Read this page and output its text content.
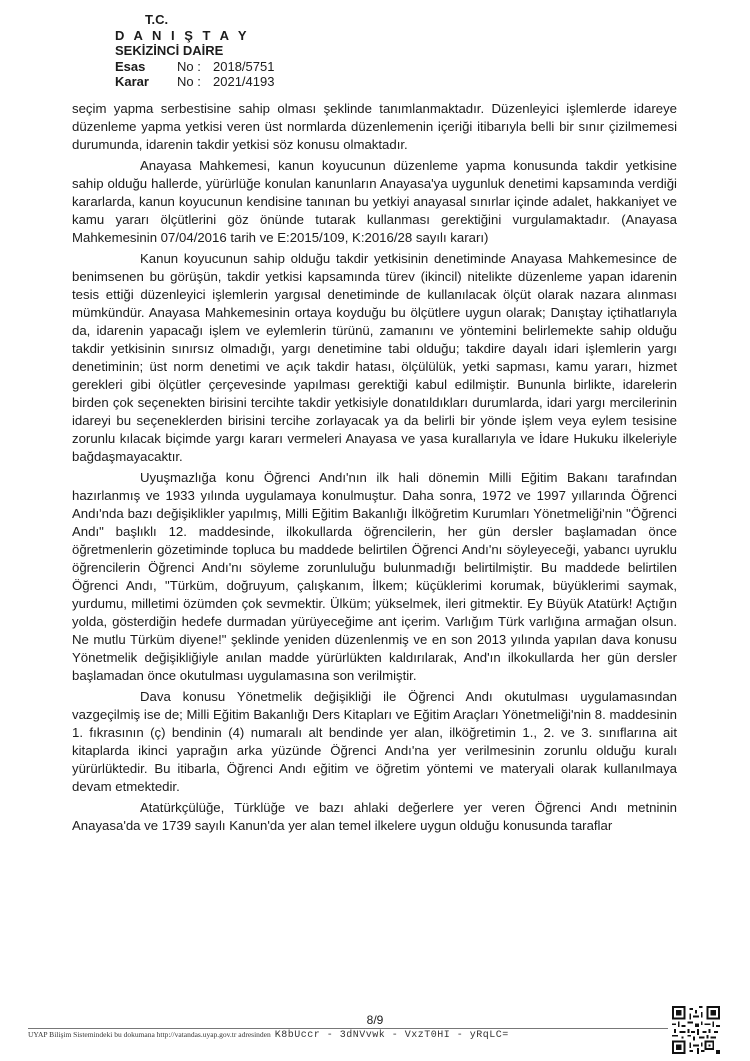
T.C.
D A N I Ş T A Y
SEKİZİNCİ DAİRE
Esas	No : 2018/5751
Karar	No : 2021/4193

seçim yapma serbestisine sahip olması şeklinde tanımlanmaktadır. Düzenleyici işlemlerde idareye düzenleme yapma yetkisi veren üst normlarda düzenlemenin içeriği itibarıyla belli bir sınır çizilmemesi durumunda, idarenin takdir yetkisi söz konusu olmaktadır.

Anayasa Mahkemesi, kanun koyucunun düzenleme yapma konusunda takdir yetkisine sahip olduğu hallerde, yürürlüğe konulan kanunların Anayasa'ya uygunluk denetimi kapsamında verdiği kararlarda, kanun koyucunun kendisine tanınan bu yetkiyi anayasal sınırlar içinde adalet, hakkaniyet ve kamu yararı ölçütlerini göz önünde tutarak kullanması gerektiğini vurgulamaktadır. (Anayasa Mahkemesinin 07/04/2016 tarih ve E:2015/109, K:2016/28 sayılı kararı)

Kanun koyucunun sahip olduğu takdir yetkisinin denetiminde Anayasa Mahkemesince de benimsenen bu görüşün, takdir yetkisi kapsamında türev (ikincil) nitelikte düzenleme yapan idarenin tesis ettiği düzenleyici işlemlerin yargısal denetiminde de kullanılacak ölçüt olarak nazara alınması mümkündür. Anayasa Mahkemesinin ortaya koyduğu bu ölçütlere uygun olarak; Danıştay içtihatlarıyla da, idarenin yapacağı işlem ve eylemlerin türünü, zamanını ve yöntemini belirlemekte sahip olduğu takdir yetkisinin sınırsız olmadığı, yargı denetimine tabi olduğu; takdire dayalı idari işlemlerin yargı denetiminin; üst norm denetimi ve açık takdir hatası, ölçülülük, yetki sapması, kamu yararı, hizmet gerekleri gibi ölçütler çerçevesinde yapılması gerektiği kabul edilmiştir. Bununla birlikte, idarelerin birden çok seçenekten birisini tercihte takdir yetkisiyle donatıldıkları durumlarda, idari yargı mercilerinin idareyi bu seçeneklerden birisini tercihe zorlayacak ya da belirli bir yönde işlem veya eylem tesisine zorunlu kılacak biçimde yargı kararı vermeleri Anayasa ve yasa kurallarıyla ve İdare Hukuku ilkeleriyle bağdaşmayacaktır.

Uyuşmazlığa konu Öğrenci Andı'nın ilk hali dönemin Milli Eğitim Bakanı tarafından hazırlanmış ve 1933 yılında uygulamaya konulmuştur. Daha sonra, 1972 ve 1997 yıllarında Öğrenci Andı'nda bazı değişiklikler yapılmış, Milli Eğitim Bakanlığı İlköğretim Kurumları Yönetmeliği'nin "Öğrenci Andı" başlıklı 12. maddesinde, ilkokullarda öğrencilerin, her gün dersler başlamadan önce öğretmenlerin gözetiminde topluca bu maddede belirtilen Öğrenci Andı'nı söyleyeceği, yabancı uyruklu öğrencilerin Öğrenci Andı'nı söyleme zorunluluğu bulunmadığı belirtilmiştir. Bu maddede belirtilen Öğrenci Andı, "Türküm, doğruyum, çalışkanım, İlkem; küçüklerimi korumak, büyüklerimi saymak, yurdumu, milletimi özümden çok sevmektir. Ülküm; yükselmek, ileri gitmektir. Ey Büyük Atatürk! Açtığın yolda, gösterdiğin hedefe durmadan yürüyeceğime ant içerim. Varlığım Türk varlığına armağan olsun. Ne mutlu Türküm diyene!" şeklinde yeniden düzenlenmiş ve en son 2013 yılında yapılan dava konusu Yönetmelik değişikliğiyle anılan madde yürürlükten kaldırılarak, And'ın ilkokullarda her gün dersler başlamadan önce okutulması uygulamasına son verilmiştir.

Dava konusu Yönetmelik değişikliği ile Öğrenci Andı okutulması uygulamasından vazgeçilmiş ise de; Milli Eğitim Bakanlığı Ders Kitapları ve Eğitim Araçları Yönetmeliği'nin 8. maddesinin 1. fıkrasının (ç) bendinin (4) numaralı alt bendinde yer alan, ilköğretimin 1., 2. ve 3. sınıflarına ait kitaplarda ikinci yaprağın arka yüzünde Öğrenci Andı'na yer verilmesinin zorunlu olduğu kuralı yürürlüktedir. Bu itibarla, Öğrenci Andı eğitim ve öğretim yöntemi ve materyali olarak kullanılmaya devam etmektedir.

Atatürkçülüğe, Türklüğe ve bazı ahlaki değerlere yer veren Öğrenci Andı metninin Anayasa'da ve 1739 sayılı Kanun'da yer alan temel ilkelere uygun olduğu konusunda taraflar

8/9
UYAP Bilişim Sistemindeki bu dokumana http://vatandas.uyap.gov.tr adresinden K8bUccr - 3dNVvwk - VxzT0HI - yRqLC=
